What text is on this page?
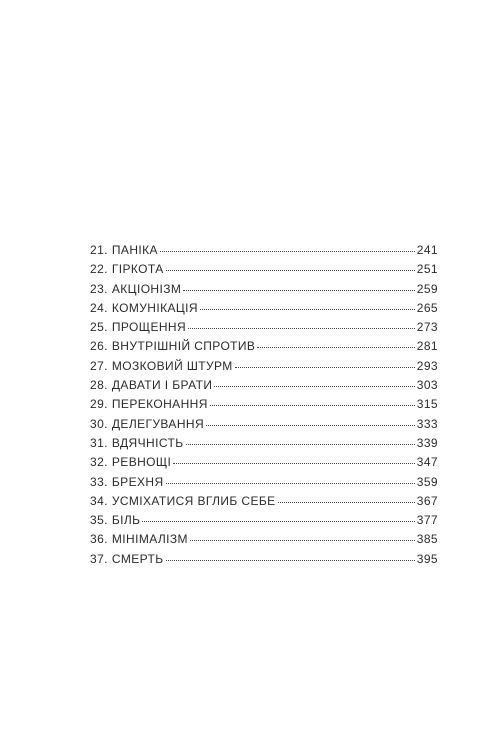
21. ПАНІКА	241
22. ГІРКОТА	251
23. АКЦІОНІЗМ	259
24. КОМУНІКАЦІЯ	265
25. ПРОЩЕННЯ	273
26. ВНУТРІШНІЙ СПРОТИВ	281
27. МОЗКОВИЙ ШТУРМ	293
28. ДАВАТИ І БРАТИ	303
29. ПЕРЕКОНАННЯ	315
30. ДЕЛЕГУВАННЯ	333
31. ВДЯЧНІСТЬ	339
32. РЕВНОЩІ	347
33. БРЕХНЯ	359
34. УСМІХАТИСЯ ВГЛИБ СЕБЕ	367
35. БІЛЬ	377
36. МІНІМАЛІЗМ	385
37. СМЕРТЬ	395
